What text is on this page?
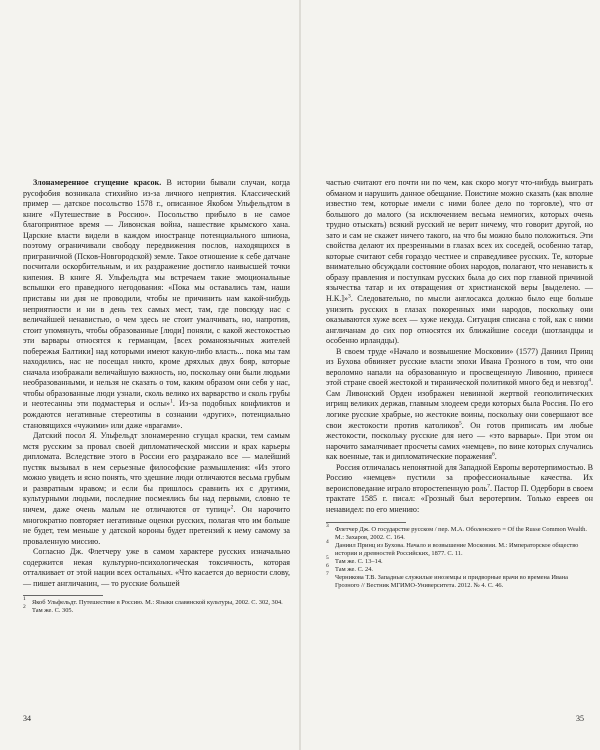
Злонамеренное сгущение красок. В истории бывали случаи, когда русофобия возникала стихийно из-за личного неприятия. Классический пример — датское посольство 1578 г., описанное Якобом Ульфельдтом в книге «Путешествие в Россию». Посольство прибыло в не самое благоприятное время — Ливонская война, нашествие крымского хана. Царские власти видели в каждом иностранце потенциального шпиона, поэтому ограничивали свободу передвижения послов, находящихся в приграничной (Псков-Новгородской) земле. Такое отношение к себе датчане посчитали оскорбительным, и их раздражение достигло наивысшей точки кипения. В книге Я. Ульфельдта мы встречаем такие эмоциональные вспышки его праведного негодования: «Пока мы оставались там, наши приставы ни дня не проводили, чтобы не причинить нам какой-нибудь неприятности и ни в день тех самых мест, там, где повсюду нас с величайшей ненавистью, о чем здесь не стоит умалчивать, но, напротив, стоит упомянуть, чтобы образованные [люди] поняли, с какой жестокостью эти варвары относятся к германцам, [всех романоязычных жителей побережья Балтики] над которыми имеют какую-либо власть... пока мы там находились, нас не посещал никто, кроме дряхлых двух бояр, которые сначала изображали величайшую важность, но, поскольку они были людьми необразованными, и нельзя не сказать о том, каким образом они себя у нас, чтобы образованные люди узнали, сколь велико их варварство и сколь грубы и неотесанны эти подмастерья и ослы»$^1$. Из-за подобных конфликтов и рождаются негативные стереотипы в сознании «других», потенциально становящихся «чужими» или даже «врагами».

Датский посол Я. Ульфельдт злонамеренно сгущал краски, тем самым мстя русским за провал своей дипломатической миссии и крах карьеры дипломата. Вследствие этого в России его раздражало все — малейший пустяк вызывал в нем серьезные философские размышления: «Из этого можно увидеть и ясно понять, что здешние люди отличаются весьма грубым и развратным нравом; и если бы пришлось сравнить их с другими, культурными людьми, последние посмеялись бы над первыми, словно те ничем, даже очень малым не отличаются от тупиц»$^2$. Он нарочито многократно повторяет негативные оценки русских, полагая что им больше не будет, тем меньше у датской короны будет претензий к нему самому за проваленную миссию.

Согласно Дж. Флетчеру уже в самом характере русских изначально содержится некая культурно-психологическая токсичность, которая отталкивает от этой нации всех остальных. «Что касается до верности слову, — пишет англичанин, — то русские большей

1 Якоб Ульфельдт. Путешествие в Россию. М.: Языки славянской культуры, 2002. С. 302, 304.
2 Там же. С. 305.

частью считают его почти ни по чем, как скоро могут что-нибудь выиграть обманом и нарушить данное обещание. Поистине можно сказать (как вполне известно тем, которые имели с ними более дело по торговле), что от большого до малого (за исключением весьма немногих, которых очень трудно отыскать) всякий русский не верит ничему, что говорит другой, но зато и сам не скажет ничего такого, на что бы можно было положиться. Эти свойства делают их презренными в глазах всех их соседей, особенно татар, которые считают себя гораздо честнее и справедливее русских. Те, которые внимательно обсуждали состояние обоих народов, полагают, что ненависть к образу правления и поступкам русских была до сих пор главной причиной язычества татар и их отвращения от христианской веры [выделено. — Н.К.]»$^3$. Следовательно, по мысли англосакса должно было еще больше унизить русских в глазах покоренных ими народов, поскольку они оказываются хуже всех — хуже некуда. Ситуация списана с той, как с ними англичанам до сих пор относятся их ближайшие соседи (шотландцы и особенно ирландцы).

В своем труде «Начало и возвышение Московии» (1577) Даниил Принц из Бухова обвиняет русские власти эпохи Ивана Грозного в том, что они вероломно напали на образованную и просвещенную Ливонию, принеся этой стране своей жестокой и тиранической политикой много бед и невзгод$^4$. Сам Ливонский Орден изображен невинной жертвой геополитических игрищ великих держав, главным злодеем среди которых была Россия. По его логике русские храбрые, но жестокие воины, поскольку они совершают все свои жестокости против католиков$^5$. Он готов приписать им любые жестокости, поскольку русские для него — «это варвары». При этом он нарочито замалчивает просчеты самих «немцев», по вине которых случались как военные, так и дипломатические поражения$^6$.

Россия отличалась непонятной для Западной Европы веротерпимостью. В Россию «немцев» пустили за профессиональные качества. Их вероисповедание играло второстепенную роль$^7$. Пастор П. Одерборн в своем трактате 1585 г. писал: «Грозный был веротерпим. Только евреев он ненавидел: по его мнению:

3 Флетчер Дж. О государстве русском / пер. М.А. Оболенского = Of the Russe Common Wealth. М.: Захаров, 2002. С. 164.
4 Даниил Принц из Бухова. Начало и возвышение Московии. М.: Императорское общество истории и древностей Российских, 1877. С. 11.
5 Там же. С. 13–14.
6 Там же. С. 24.
7 Черникова Т.В. Западные служилые иноземцы и придворные врачи во времена Ивана Грозного // Вестник МГИМО-Университета. 2012. № 4. С. 46.
34	35
